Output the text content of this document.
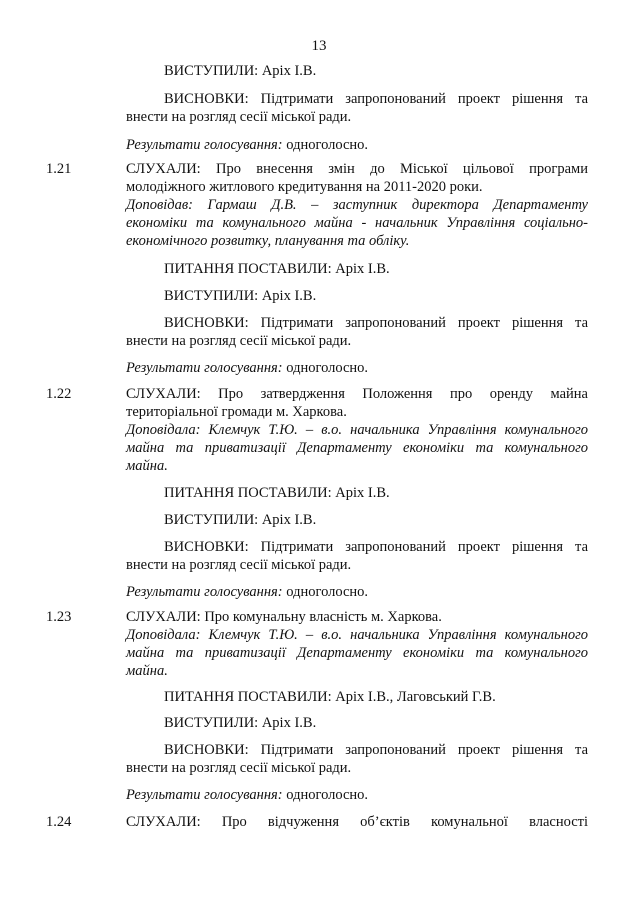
13
ВИСТУПИЛИ: Аріх І.В.
ВИСНОВКИ: Підтримати запропонований проект рішення та
внести на розгляд сесії міської ради.
Результати голосування: одноголосно.
1.21	СЛУХАЛИ: Про внесення змін до Міської цільової програми
молодіжного житлового кредитування на 2011-2020 роки.
Доповідав: Гармаш Д.В. – заступник директора Департаменту
економіки та комунального майна - начальник Управління соціально-
економічного розвитку, планування та обліку.
ПИТАННЯ ПОСТАВИЛИ: Аріх І.В.
ВИСТУПИЛИ: Аріх І.В.
ВИСНОВКИ: Підтримати запропонований проект рішення та
внести на розгляд сесії міської ради.
Результати голосування: одноголосно.
1.22	СЛУХАЛИ: Про затвердження Положення про оренду майна
територіальної громади м. Харкова.
Доповідала: Клемчук Т.Ю. – в.о. начальника Управління комунального
майна та приватизації Департаменту економіки та комунального
майна.
ПИТАННЯ ПОСТАВИЛИ: Аріх І.В.
ВИСТУПИЛИ: Аріх І.В.
ВИСНОВКИ: Підтримати запропонований проект рішення та
внести на розгляд сесії міської ради.
Результати голосування: одноголосно.
1.23	СЛУХАЛИ: Про комунальну власність м. Харкова.
Доповідала: Клемчук Т.Ю. – в.о. начальника Управління комунального
майна та приватизації Департаменту економіки та комунального
майна.
ПИТАННЯ ПОСТАВИЛИ: Аріх І.В., Лаговський Г.В.
ВИСТУПИЛИ: Аріх І.В.
ВИСНОВКИ: Підтримати запропонований проект рішення та
внести на розгляд сесії міської ради.
Результати голосування: одноголосно.
1.24	СЛУХАЛИ: Про відчуження об’єктів комунальної власності
